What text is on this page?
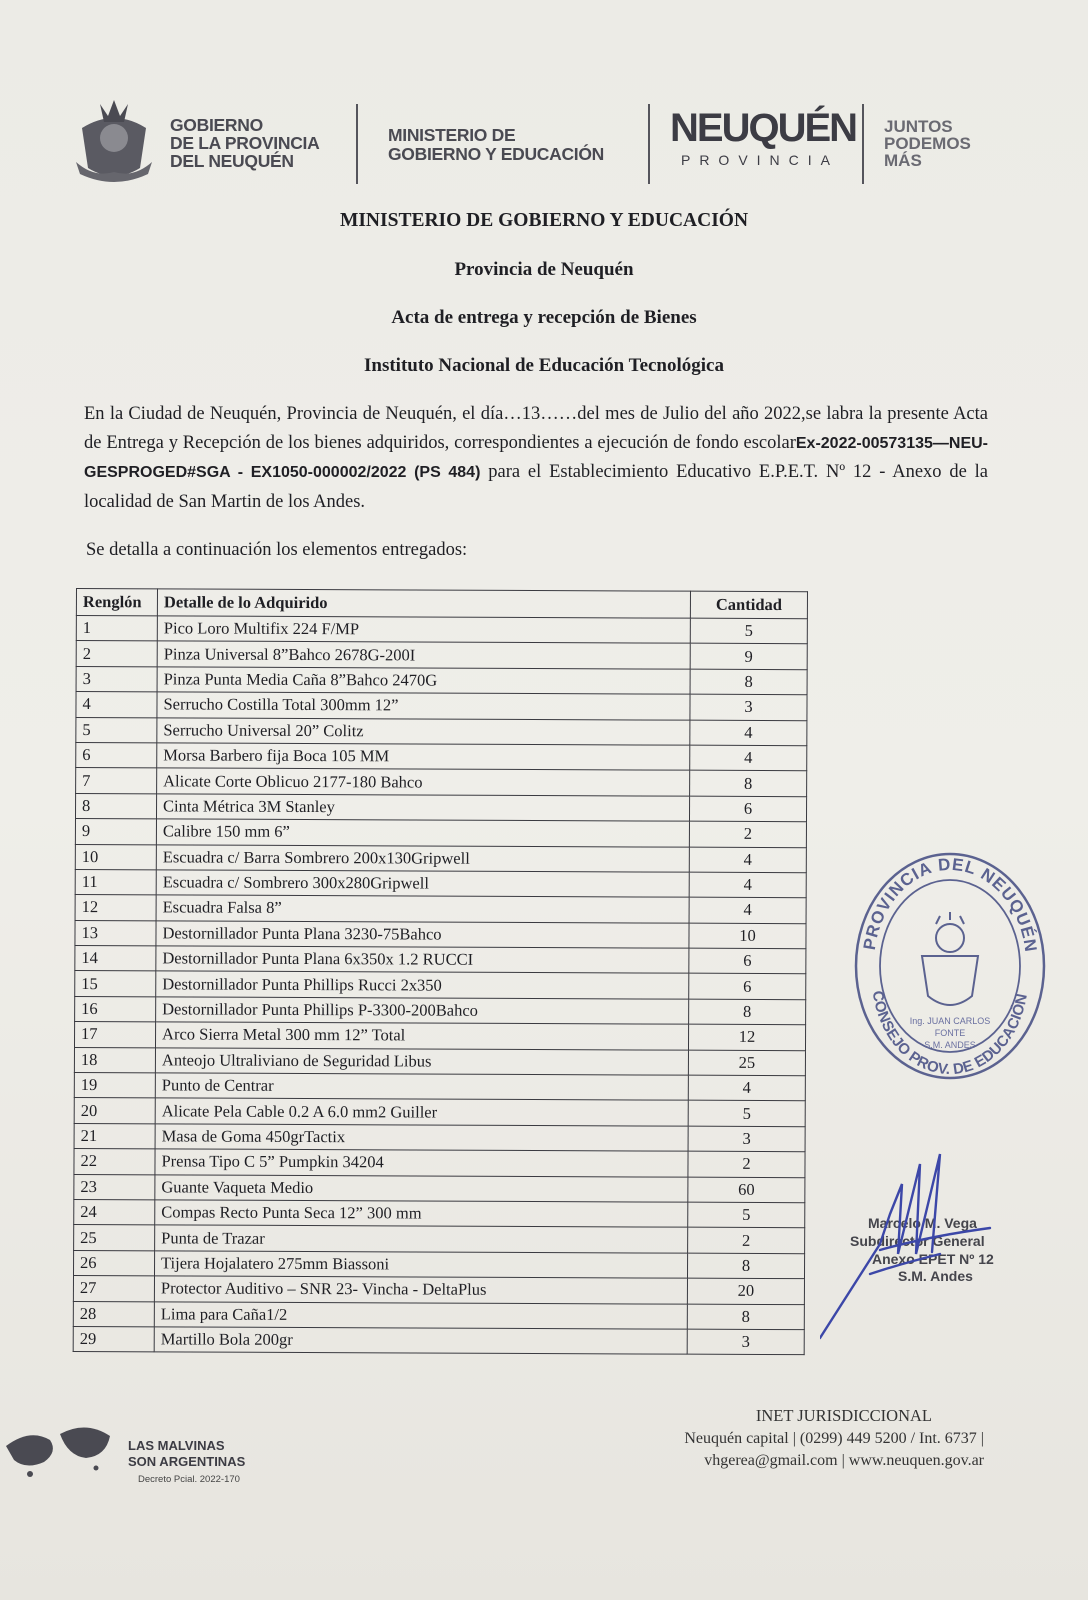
GOBIERNO
DE LA PROVINCIA
DEL NEUQUÉN
MINISTERIO DE
GOBIERNO Y EDUCACIÓN
NEUQUÉN
PROVINCIA
JUNTOS
PODEMOS
MÁS
MINISTERIO DE GOBIERNO Y EDUCACIÓN
Provincia de Neuquén
Acta de entrega y recepción de Bienes
Instituto Nacional de Educación Tecnológica
En la Ciudad de Neuquén, Provincia de Neuquén, el día…13……del mes de Julio del año 2022,se labra la presente Acta de Entrega y Recepción de los bienes adquiridos, correspondientes a ejecución de fondo escolarEx-2022-00573135—NEU-GESPROGED#SGA - EX1050-000002/2022 (PS 484) para el Establecimiento Educativo E.P.E.T. Nº 12 - Anexo de la localidad de San Martin de los Andes.
Se detalla a continuación los elementos entregados:
Renglón	Detalle de lo Adquirido	Cantidad
1	Pico Loro Multifix 224 F/MP	5
2	Pinza Universal 8”Bahco 2678G-200I	9
3	Pinza Punta Media Caña 8”Bahco 2470G	8
4	Serrucho Costilla Total 300mm 12”	3
5	Serrucho Universal 20” Colitz	4
6	Morsa Barbero fija Boca 105 MM	4
7	Alicate Corte Oblicuo 2177-180 Bahco	8
8	Cinta Métrica 3M Stanley	6
9	Calibre 150 mm 6”	2
10	Escuadra c/ Barra Sombrero 200x130Gripwell	4
11	Escuadra c/ Sombrero 300x280Gripwell	4
12	Escuadra Falsa 8”	4
13	Destornillador Punta Plana 3230-75Bahco	10
14	Destornillador Punta Plana 6x350x 1.2 RUCCI	6
15	Destornillador Punta Phillips Rucci 2x350	6
16	Destornillador Punta Phillips P-3300-200Bahco	8
17	Arco Sierra Metal 300 mm 12” Total	12
18	Anteojo Ultraliviano de Seguridad Libus	25
19	Punto de Centrar	4
20	Alicate Pela Cable 0.2 A 6.0 mm2 Guiller	5
21	Masa de Goma 450grTactix	3
22	Prensa Tipo C 5” Pumpkin 34204	2
23	Guante Vaqueta Medio	60
24	Compas Recto Punta Seca 12” 300 mm	5
25	Punta de Trazar	2
26	Tijera Hojalatero 275mm Biassoni	8
27	Protector Auditivo – SNR 23- Vincha - DeltaPlus	20
28	Lima para Caña1/2	8
29	Martillo Bola 200gr	3
PROVINCIA DEL NEUQUÉN
CONSEJO PROV. DE EDUCACIÓN
Ing. JUAN CARLOS
FONTE
S.M. ANDES
Marcelo M. Vega
Subdirector General
Anexo EPET Nº 12
S.M. Andes
LAS MALVINAS
SON ARGENTINAS
Decreto Pcial. 2022-170
INET JURISDICCIONAL
Neuquén capital | (0299) 449 5200 / Int. 6737 |
vhgerea@gmail.com | www.neuquen.gov.ar
